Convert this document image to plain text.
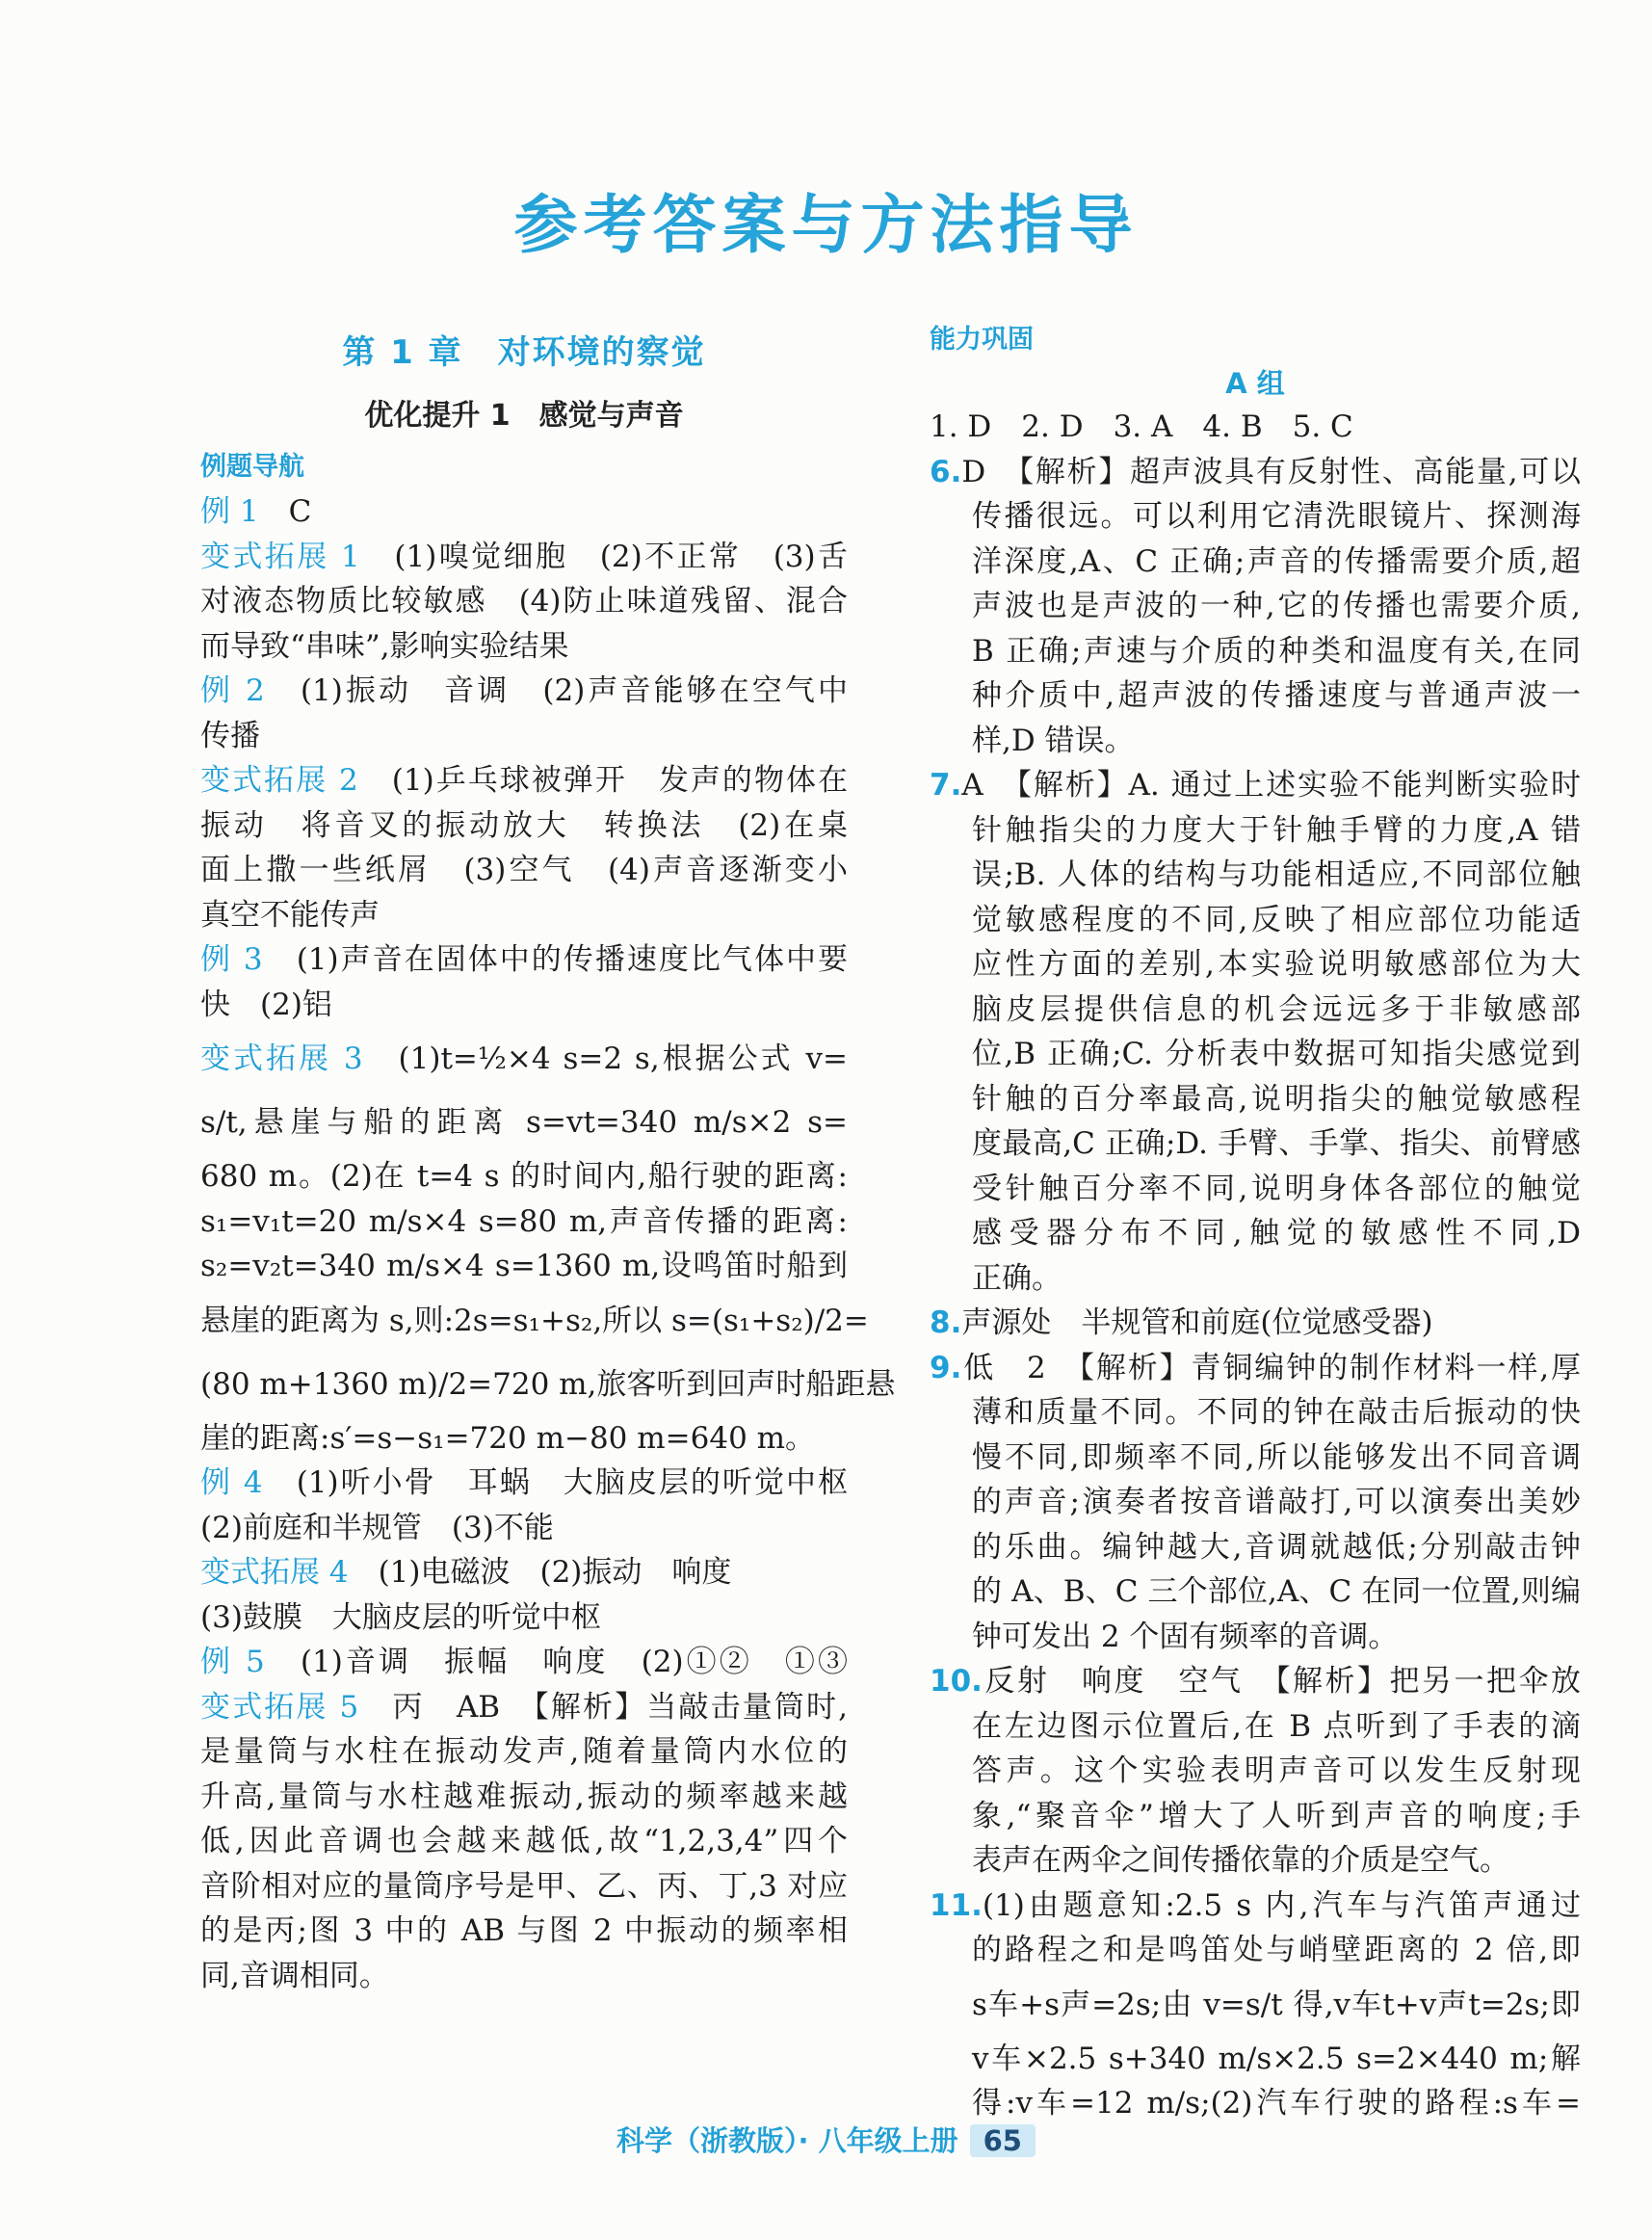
参考答案与方法指导
第 1 章　对环境的察觉
优化提升 1　感觉与声音
例题导航
例 1　C
变式拓展 1　(1)嗅觉细胞　(2)不正常　(3)舌
对液态物质比较敏感　(4)防止味道残留、混合
而导致“串味”,影响实验结果
例 2　(1)振动　音调　(2)声音能够在空气中
传播
变式拓展 2　(1)乒乓球被弹开　发声的物体在
振动　将音叉的振动放大　转换法　(2)在桌
面上撒一些纸屑　(3)空气　(4)声音逐渐变小
真空不能传声
例 3　(1)声音在固体中的传播速度比气体中要
快　(2)铝
变式拓展 3　(1)t=½×4 s=2 s,根据公式 v=
s/t,悬崖与船的距离 s=vt=340 m/s×2 s=
680 m。(2)在 t=4 s 的时间内,船行驶的距离:
s₁=v₁t=20 m/s×4 s=80 m,声音传播的距离:
s₂=v₂t=340 m/s×4 s=1360 m,设鸣笛时船到
悬崖的距离为 s,则:2s=s₁+s₂,所以 s=(s₁+s₂)/2=
(80 m+1360 m)/2=720 m,旅客听到回声时船距悬
崖的距离:s′=s−s₁=720 m−80 m=640 m。
例 4　(1)听小骨　耳蜗　大脑皮层的听觉中枢
(2)前庭和半规管　(3)不能
变式拓展 4　(1)电磁波　(2)振动　响度
(3)鼓膜　大脑皮层的听觉中枢
例 5　(1)音调　振幅　响度　(2)①②　①③
变式拓展 5　丙　AB　【解析】当敲击量筒时,
是量筒与水柱在振动发声,随着量筒内水位的
升高,量筒与水柱越难振动,振动的频率越来越
低,因此音调也会越来越低,故“1,2,3,4”四个
音阶相对应的量筒序号是甲、乙、丙、丁,3 对应
的是丙;图 3 中的 AB 与图 2 中振动的频率相
同,音调相同。
能力巩固
A 组
1. D　2. D　3. A　4. B　5. C
6.D　【解析】超声波具有反射性、高能量,可以
传播很远。可以利用它清洗眼镜片、探测海
洋深度,A、C 正确;声音的传播需要介质,超
声波也是声波的一种,它的传播也需要介质,
B 正确;声速与介质的种类和温度有关,在同
种介质中,超声波的传播速度与普通声波一
样,D 错误。
7.A　【解析】A. 通过上述实验不能判断实验时
针触指尖的力度大于针触手臂的力度,A 错
误;B. 人体的结构与功能相适应,不同部位触
觉敏感程度的不同,反映了相应部位功能适
应性方面的差别,本实验说明敏感部位为大
脑皮层提供信息的机会远远多于非敏感部
位,B 正确;C. 分析表中数据可知指尖感觉到
针触的百分率最高,说明指尖的触觉敏感程
度最高,C 正确;D. 手臂、手掌、指尖、前臂感
受针触百分率不同,说明身体各部位的触觉
感受器分布不同,触觉的敏感性不同,D
正确。
8.声源处　半规管和前庭(位觉感受器)
9.低　2　【解析】青铜编钟的制作材料一样,厚
薄和质量不同。不同的钟在敲击后振动的快
慢不同,即频率不同,所以能够发出不同音调
的声音;演奏者按音谱敲打,可以演奏出美妙
的乐曲。编钟越大,音调就越低;分别敲击钟
的 A、B、C 三个部位,A、C 在同一位置,则编
钟可发出 2 个固有频率的音调。
10.反射　响度　空气　【解析】把另一把伞放
在左边图示位置后,在 B 点听到了手表的滴
答声。这个实验表明声音可以发生反射现
象,“聚音伞”增大了人听到声音的响度;手
表声在两伞之间传播依靠的介质是空气。
11.(1)由题意知:2.5 s 内,汽车与汽笛声通过
的路程之和是鸣笛处与峭壁距离的 2 倍,即
s车+s声=2s;由 v=s/t 得,v车t+v声t=2s;即
v车×2.5 s+340 m/s×2.5 s=2×440 m;解
得:v车=12 m/s;(2)汽车行驶的路程:s车=
科学（浙教版）· 八年级上册 65
